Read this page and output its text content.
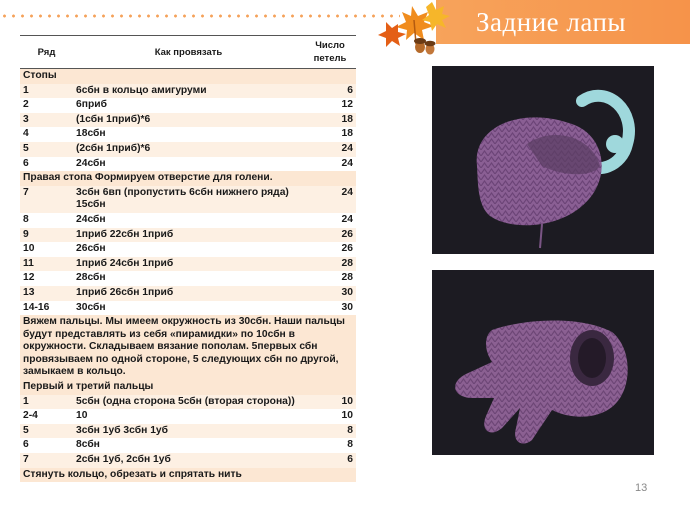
Задние лапы
Ряд	Как провязать	Число петель
Стопы		
1	6сбн в кольцо амигуруми	6
2	6приб	12
3	(1сбн 1приб)*6	18
4	18сбн	18
5	(2сбн 1приб)*6	24
6	24сбн	24
Правая стопа Формируем отверстие для голени.		
7	3сбн 6вп (пропустить 6сбн нижнего ряда) 15сбн	24
8	24сбн	24
9	1приб 22сбн 1приб	26
10	26сбн	26
11	1приб 24сбн 1приб	28
12	28сбн	28
13	1приб 26сбн 1приб	30
14-16	30сбн	30
Вяжем пальцы. Мы имеем окружность из 30сбн. Наши пальцы будут представлять из себя «пирамидки» по 10сбн в окружности. Складываем вязание пополам. 5первых сбн провязываем по одной стороне, 5 следующих сбн по другой, замыкаем в кольцо.		
Первый и третий пальцы		
1	5сбн (одна сторона 5сбн (вторая сторона))	10
2-4	10	10
5	3сбн 1уб 3сбн 1уб	8
6	8сбн	8
7	2сбн 1уб, 2сбн 1уб	6
Стянуть кольцо, обрезать и спрятать нить		
13
